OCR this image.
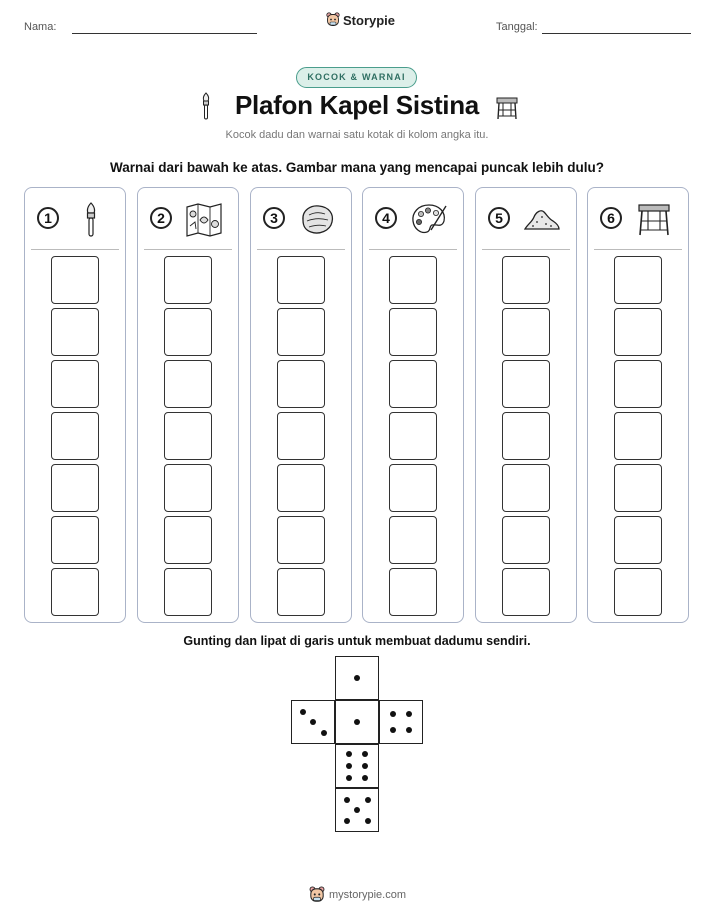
Nama:	Storypie	Tanggal:
KOCOK & WARNAI
Plafon Kapel Sistina
Kocok dadu dan warnai satu kotak di kolom angka itu.
Warnai dari bawah ke atas. Gambar mana yang mencapai puncak lebih dulu?
1	2	3	4	5	6
Gunting dan lipat di garis untuk membuat dadumu sendiri.
mystorypie.com
